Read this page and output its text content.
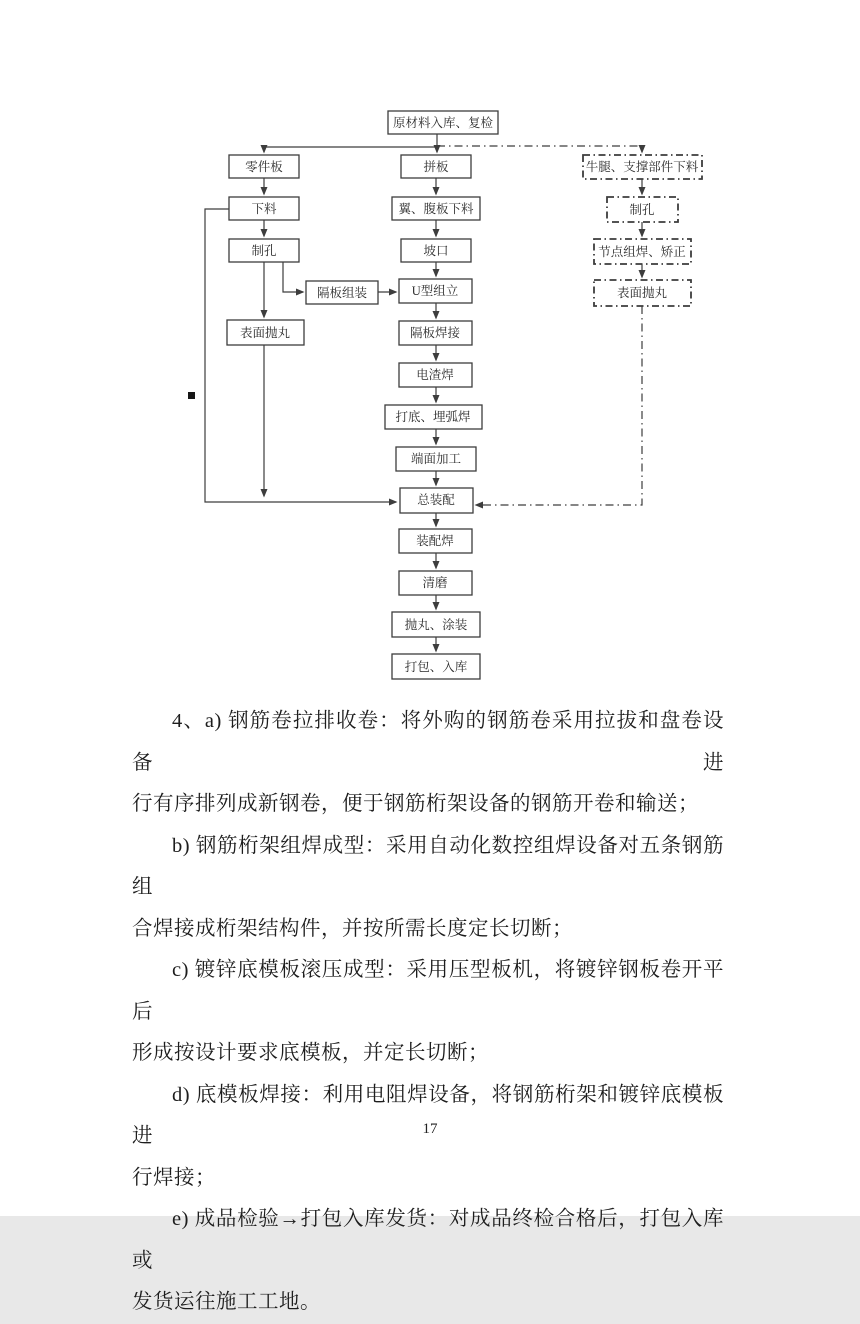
原材料入库、复检
零件板
下料
制孔
表面抛丸
隔板组装
拼板
翼、腹板下料
坡口
U型组立
隔板焊接
电渣焊
打底、埋弧焊
端面加工
总装配
装配焊
清磨
抛丸、涂装
打包、入库
牛腿、支撑部件下料
制孔
节点组焊、矫正
表面抛丸
4、a) 钢筋卷拉排收卷：将外购的钢筋卷采用拉拔和盘卷设备进
行有序排列成新钢卷，便于钢筋桁架设备的钢筋开卷和输送；
b) 钢筋桁架组焊成型：采用自动化数控组焊设备对五条钢筋组
合焊接成桁架结构件，并按所需长度定长切断；
c) 镀锌底模板滚压成型：采用压型板机，将镀锌钢板卷开平后
形成按设计要求底模板，并定长切断；
d) 底模板焊接：利用电阻焊设备，将钢筋桁架和镀锌底模板进
行焊接；
e) 成品检验→打包入库发货：对成品终检合格后，打包入库或
发货运往施工工地。
17
